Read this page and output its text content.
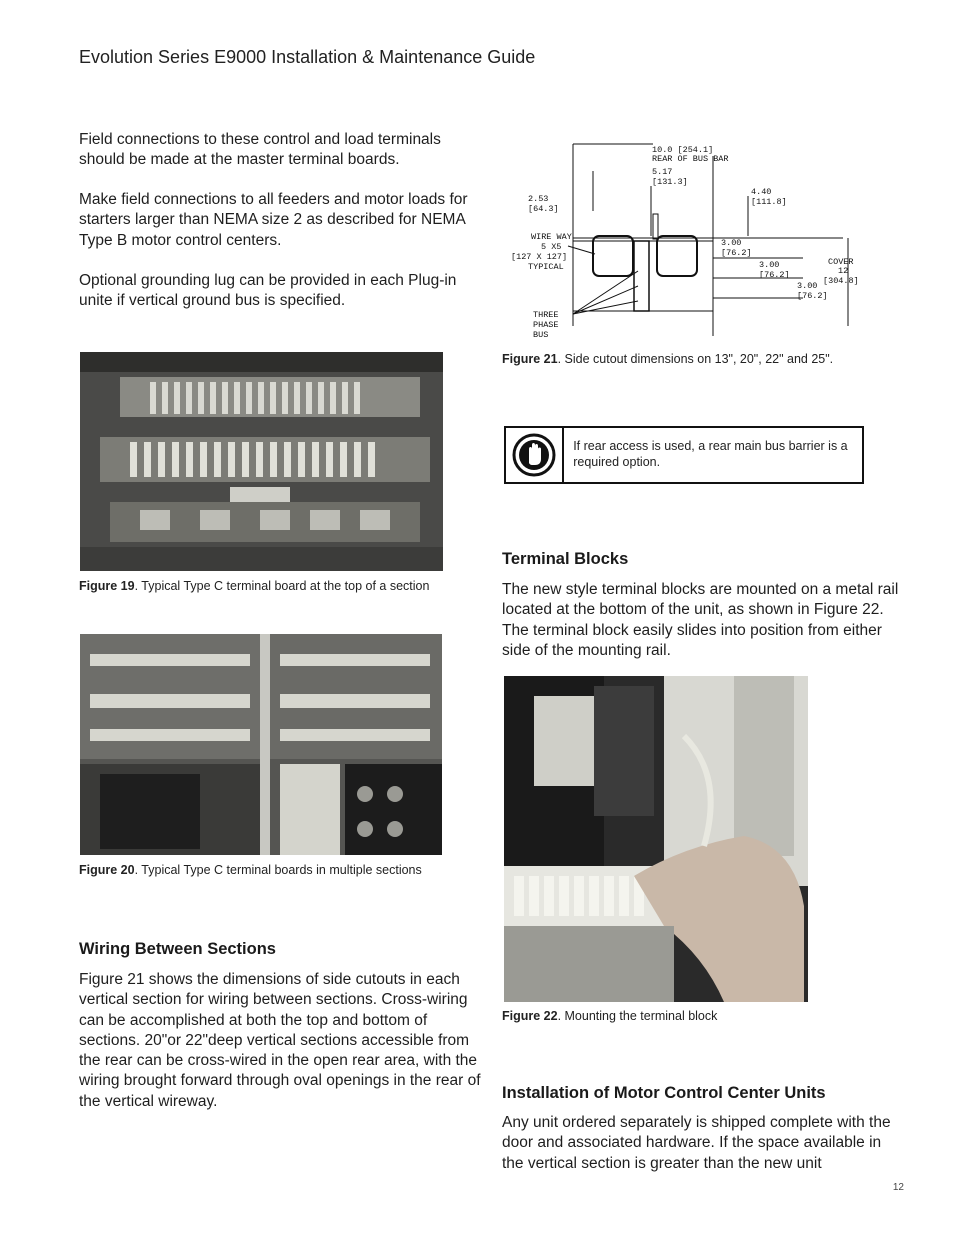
Evolution Series E9000 Installation & Maintenance Guide
Field connections to these control and load terminals should be made at the master terminal boards.
Make field connections to all feeders and motor loads for starters larger than NEMA size 2 as described for NEMA Type B motor control centers.
Optional grounding lug can be provided in each Plug-in unite if vertical ground bus is specified.
Figure 19. Typical Type C terminal board at the top of a section
Figure 20. Typical Type C terminal boards in multiple sections
Wiring Between Sections
Figure 21 shows the dimensions of side cutouts in each vertical section for wiring between sections. Cross-wiring can be accomplished at both the top and bottom of sections. 20"or 22"deep vertical sections accessible from the rear can be cross-wired in the open rear area, with the wiring brought forward through oval openings in the rear of the vertical wireway.
10.0 [254.1]
REAR OF BUS BAR
5.17
[131.3]
2.53
[64.3]
4.40
[111.8]
WIRE WAY
5 X5
[127 X 127]
TYPICAL
3.00
[76.2]
3.00
[76.2]
3.00
[76.2]
COVER
12
[304.8]
THREE
PHASE
BUS
Figure 21. Side cutout dimensions on 13", 20", 22" and 25".
If rear access is used, a rear main bus barrier is a required option.
Terminal Blocks
The new style terminal blocks are mounted on a metal rail located at the bottom of the unit, as shown in Figure 22. The terminal block easily slides into position from either side of the mounting rail.
Figure 22. Mounting the terminal block
Installation of Motor Control Center Units
Any unit ordered separately is shipped complete with the door and associated hardware. If the space available in the vertical section is greater than the new unit
12
